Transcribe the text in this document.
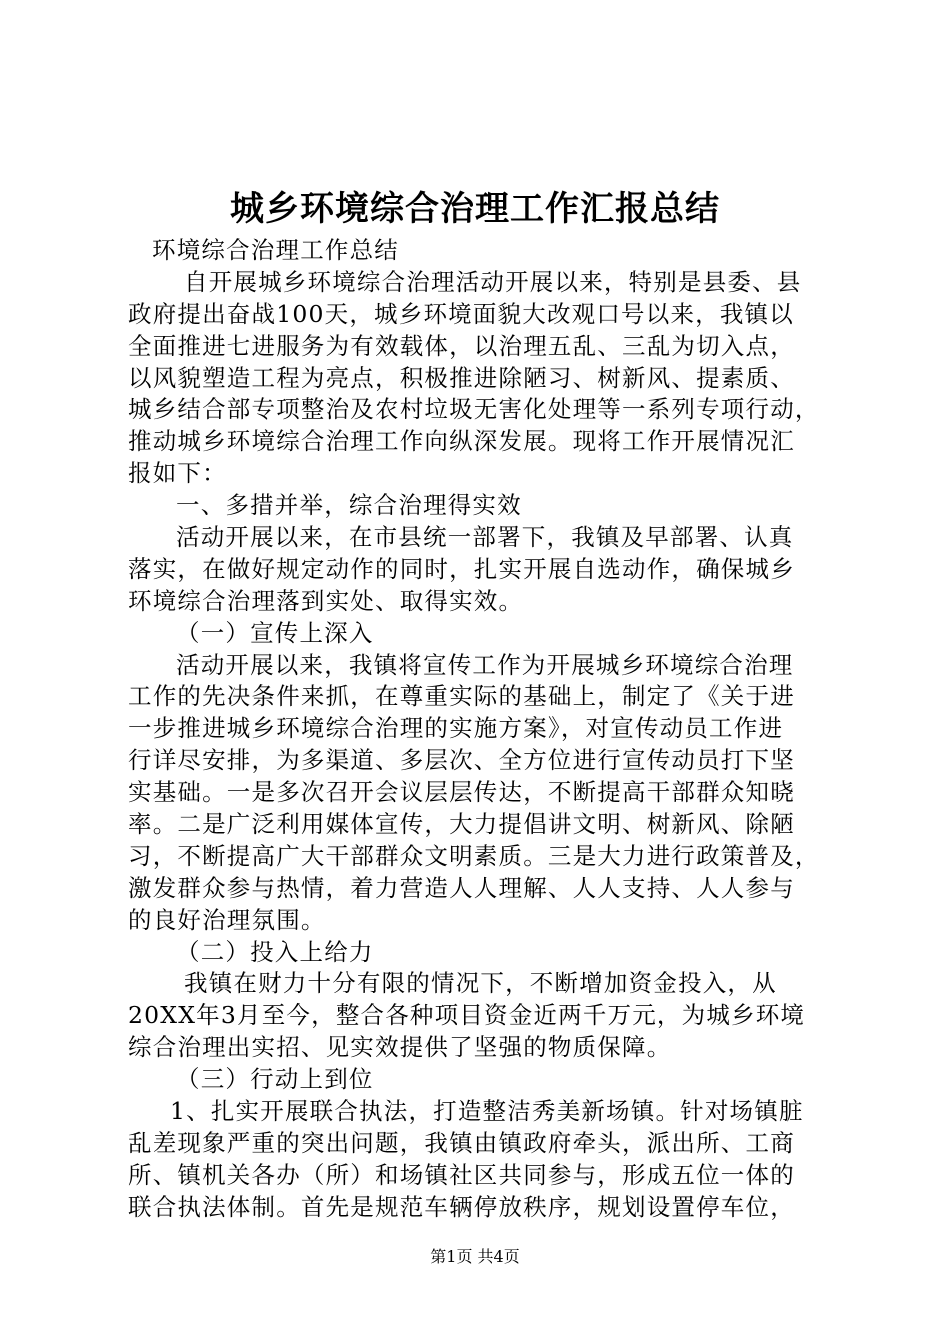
城乡环境综合治理工作汇报总结
环境综合治理工作总结
自开展城乡环境综合治理活动开展以来，特别是县委、县
政府提出奋战100天，城乡环境面貌大改观口号以来，我镇以
全面推进七进服务为有效载体，以治理五乱、三乱为切入点，
以风貌塑造工程为亮点，积极推进除陋习、树新风、提素质、
城乡结合部专项整治及农村垃圾无害化处理等一系列专项行动，
推动城乡环境综合治理工作向纵深发展。现将工作开展情况汇
报如下：
一、多措并举，综合治理得实效
活动开展以来，在市县统一部署下，我镇及早部署、认真
落实，在做好规定动作的同时，扎实开展自选动作，确保城乡
环境综合治理落到实处、取得实效。
（一）宣传上深入
活动开展以来，我镇将宣传工作为开展城乡环境综合治理
工作的先决条件来抓，在尊重实际的基础上，制定了《关于进
一步推进城乡环境综合治理的实施方案》，对宣传动员工作进
行详尽安排，为多渠道、多层次、全方位进行宣传动员打下坚
实基础。一是多次召开会议层层传达，不断提高干部群众知晓
率。二是广泛利用媒体宣传，大力提倡讲文明、树新风、除陋
习，不断提高广大干部群众文明素质。三是大力进行政策普及，
激发群众参与热情，着力营造人人理解、人人支持、人人参与
的良好治理氛围。
（二）投入上给力
我镇在财力十分有限的情况下，不断增加资金投入，从
20XX年3月至今，整合各种项目资金近两千万元，为城乡环境
综合治理出实招、见实效提供了坚强的物质保障。
（三）行动上到位
1、扎实开展联合执法，打造整洁秀美新场镇。针对场镇脏
乱差现象严重的突出问题，我镇由镇政府牵头，派出所、工商
所、镇机关各办（所）和场镇社区共同参与，形成五位一体的
联合执法体制。首先是规范车辆停放秩序，规划设置停车位，
第1页 共4页
